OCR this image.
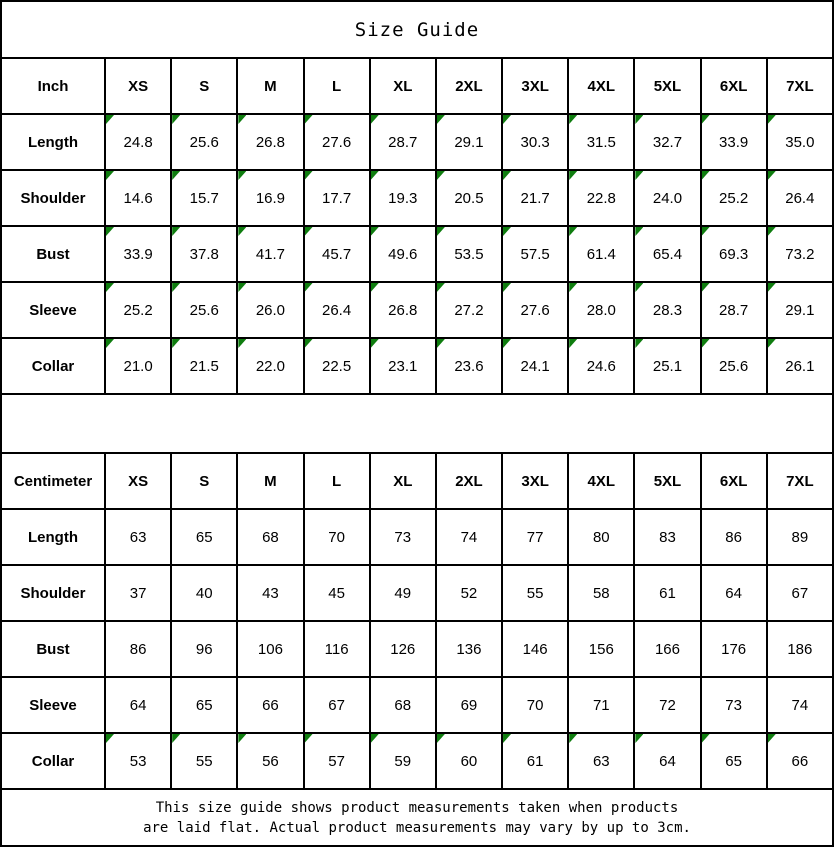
Size Guide
Inch	XS	S	M	L	XL	2XL	3XL	4XL	5XL	6XL	7XL
Length	24.8	25.6	26.8	27.6	28.7	29.1	30.3	31.5	32.7	33.9	35.0
Shoulder	14.6	15.7	16.9	17.7	19.3	20.5	21.7	22.8	24.0	25.2	26.4
Bust	33.9	37.8	41.7	45.7	49.6	53.5	57.5	61.4	65.4	69.3	73.2
Sleeve	25.2	25.6	26.0	26.4	26.8	27.2	27.6	28.0	28.3	28.7	29.1
Collar	21.0	21.5	22.0	22.5	23.1	23.6	24.1	24.6	25.1	25.6	26.1
Centimeter	XS	S	M	L	XL	2XL	3XL	4XL	5XL	6XL	7XL
Length	63	65	68	70	73	74	77	80	83	86	89
Shoulder	37	40	43	45	49	52	55	58	61	64	67
Bust	86	96	106	116	126	136	146	156	166	176	186
Sleeve	64	65	66	67	68	69	70	71	72	73	74
Collar	53	55	56	57	59	60	61	63	64	65	66
This size guide shows product measurements taken when products
are laid flat. Actual product measurements may vary by up to 3cm.
